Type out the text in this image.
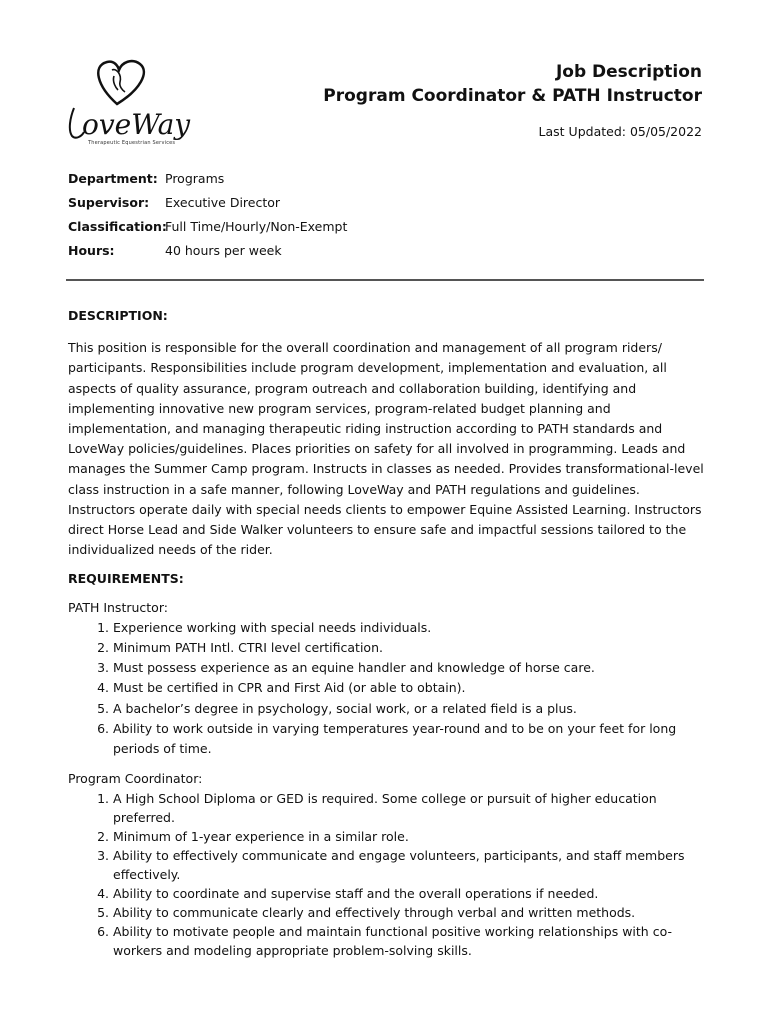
oveWay
Therapeutic Equestrian Services
Job Description
Program Coordinator & PATH Instructor
Last Updated: 05/05/2022
Department: Programs
Supervisor:	Executive Director
Classification:
Full Time/Hourly/Non-Exempt
Hours:	40 hours per week
DESCRIPTION:

This position is responsible for the overall coordination and management of all program riders/ participants. Responsibilities include program development, implementation and evaluation, all aspects of quality assurance, program outreach and collaboration building, identifying and implementing innovative new program services, program-related budget planning and implementation, and managing therapeutic riding instruction according to PATH standards and LoveWay policies/guidelines. Places priorities on safety for all involved in programming. Leads and manages the Summer Camp program. Instructs in classes as needed. Provides transformational-level class instruction in a safe manner, following LoveWay and PATH regulations and guidelines. Instructors operate daily with special needs clients to empower Equine Assisted Learning. Instructors direct Horse Lead and Side Walker volunteers to ensure safe and impactful sessions tailored to the individualized needs of the rider.

REQUIREMENTS:
PATH Instructor:
1. Experience working with special needs individuals.
2. Minimum PATH Intl. CTRI level certification.
3. Must possess experience as an equine handler and knowledge of horse care.
4. Must be certified in CPR and First Aid (or able to obtain).
5. A bachelor’s degree in psychology, social work, or a related field is a plus.
6. Ability to work outside in varying temperatures year-round and to be on your feet for long periods of time.
Program Coordinator:
1. A High School Diploma or GED is required. Some college or pursuit of higher education preferred.
2. Minimum of 1-year experience in a similar role.
3. Ability to effectively communicate and engage volunteers, participants, and staff members effectively.
4. Ability to coordinate and supervise staff and the overall operations if needed.
5. Ability to communicate clearly and effectively through verbal and written methods.
6. Ability to motivate people and maintain functional positive working relationships with co-workers and modeling appropriate problem-solving skills.
